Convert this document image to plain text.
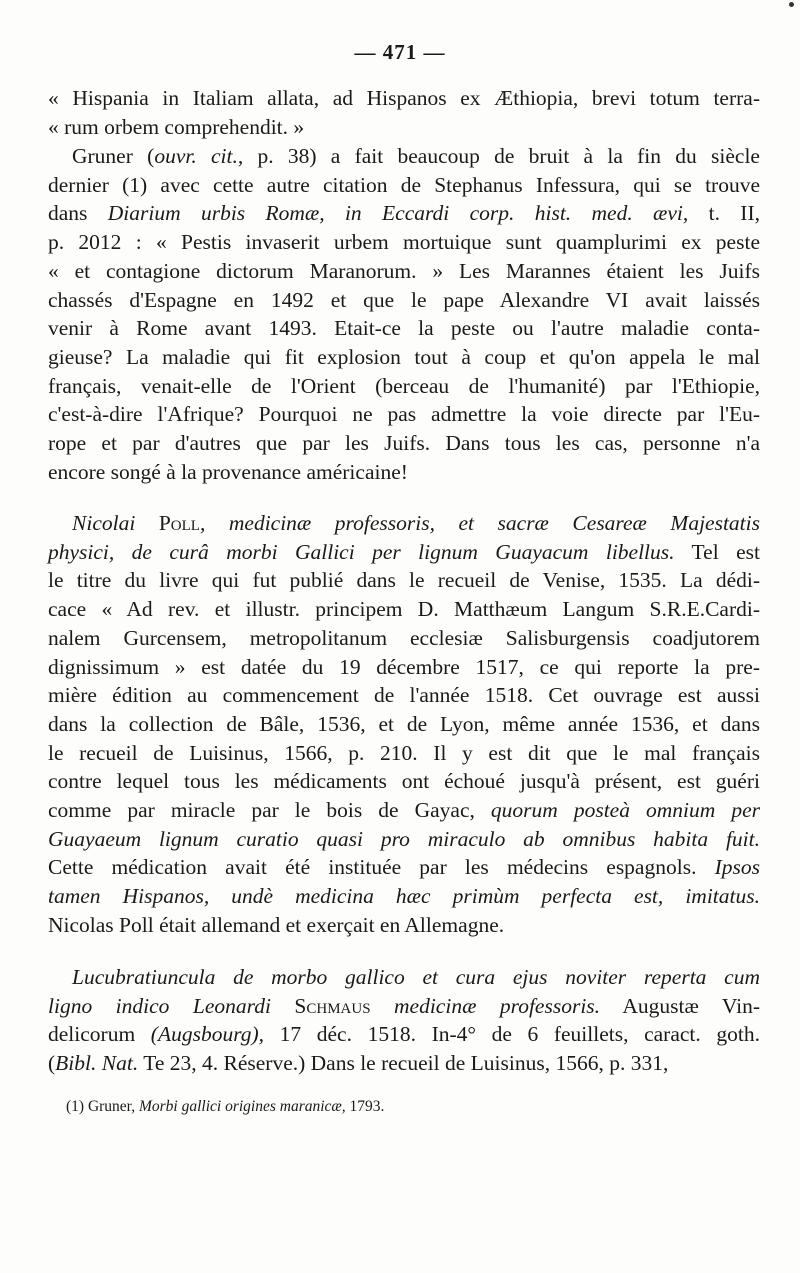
— 471 —
« Hispania in Italiam allata, ad Hispanos ex Æthiopia, brevi totum terra-
« rum orbem comprehendit. »
Gruner (ouvr. cit., p. 38) a fait beaucoup de bruit à la fin du siècle
dernier (1) avec cette autre citation de Stephanus Infessura, qui se trouve
dans Diarium urbis Romæ, in Eccardi corp. hist. med. ævi, t. II,
p. 2012 : « Pestis invaserit urbem mortuique sunt quamplurimi ex peste
« et contagione dictorum Maranorum. » Les Marannes étaient les Juifs
chassés d'Espagne en 1492 et que le pape Alexandre VI avait laissés
venir à Rome avant 1493. Etait-ce la peste ou l'autre maladie conta-
gieuse? La maladie qui fit explosion tout à coup et qu'on appela le mal
français, venait-elle de l'Orient (berceau de l'humanité) par l'Ethiopie,
c'est-à-dire l'Afrique? Pourquoi ne pas admettre la voie directe par l'Eu-
rope et par d'autres que par les Juifs. Dans tous les cas, personne n'a
encore songé à la provenance américaine!
Nicolai Poll, medicinæ professoris, et sacræ Cesareæ Majestatis
physici, de curâ morbi Gallici per lignum Guayacum libellus. Tel est
le titre du livre qui fut publié dans le recueil de Venise, 1535. La dédi-
cace « Ad rev. et illustr. principem D. Matthæum Langum S.R.E.Cardi-
nalem Gurcensem, metropolitanum ecclesiæ Salisburgensis coadjutorem
dignissimum » est datée du 19 décembre 1517, ce qui reporte la pre-
mière édition au commencement de l'année 1518. Cet ouvrage est aussi
dans la collection de Bâle, 1536, et de Lyon, même année 1536, et dans
le recueil de Luisinus, 1566, p. 210. Il y est dit que le mal français
contre lequel tous les médicaments ont échoué jusqu'à présent, est guéri
comme par miracle par le bois de Gayac, quorum posteà omnium per
Guayaeum lignum curatio quasi pro miraculo ab omnibus habita fuit.
Cette médication avait été instituée par les médecins espagnols. Ipsos
tamen Hispanos, undè medicina hæc primùm perfecta est, imitatus.
Nicolas Poll était allemand et exerçait en Allemagne.
Lucubratiuncula de morbo gallico et cura ejus noviter reperta cum
ligno indico Leonardi Schmaus medicinæ professoris. Augustæ Vin-
delicorum (Augsbourg), 17 déc. 1518. In-4° de 6 feuillets, caract. goth.
(Bibl. Nat. Te 23, 4. Réserve.) Dans le recueil de Luisinus, 1566, p. 331,
(1) Gruner, Morbi gallici origines maranicæ, 1793.
